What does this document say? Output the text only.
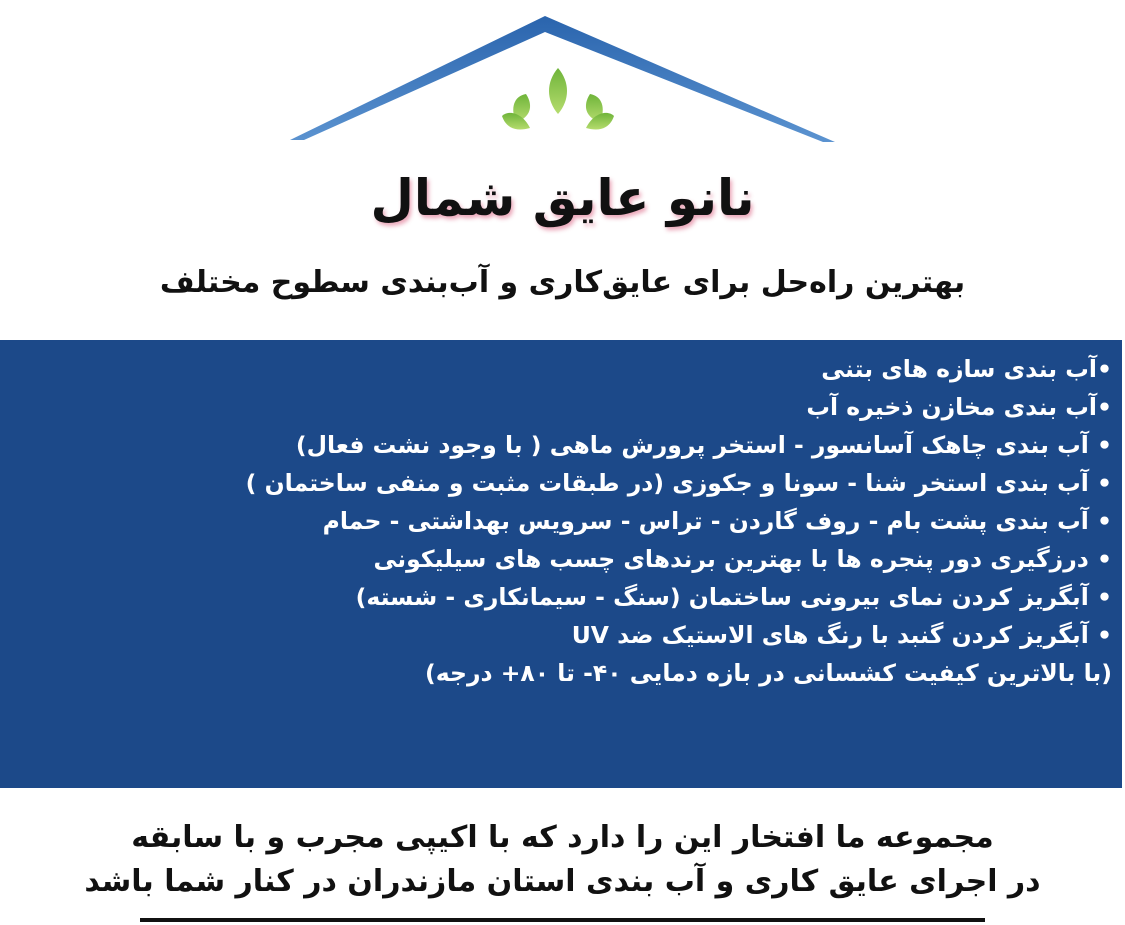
نانو عایق شمال
بهترین راه‌حل برای عایق‌کاری و آب‌بندی سطوح مختلف
•آب بندی سازه های بتنی
•آب بندی مخازن ذخیره آب
• آب بندی چاهک آسانسور - استخر پرورش ماهی ( با وجود نشت فعال)
• آب بندی استخر شنا - سونا و جکوزی (در طبقات مثبت و منفی ساختمان )
• آب بندی پشت بام - روف گاردن - تراس - سرویس بهداشتی - حمام
• درزگیری دور پنجره ها با بهترین برندهای چسب های سیلیکونی
• آبگریز کردن نمای بیرونی ساختمان (سنگ - سیمانکاری - شسته)
• آبگریز کردن گنبد با رنگ های الاستیک ضد UV
(با بالاترین کیفیت کشسانی در بازه دمایی ۴۰- تا ۸۰+ درجه)
مجموعه ما افتخار این را دارد که با اکیپی مجرب و با سابقه
در اجرای عایق کاری و آب بندی استان مازندران در کنار شما باشد
